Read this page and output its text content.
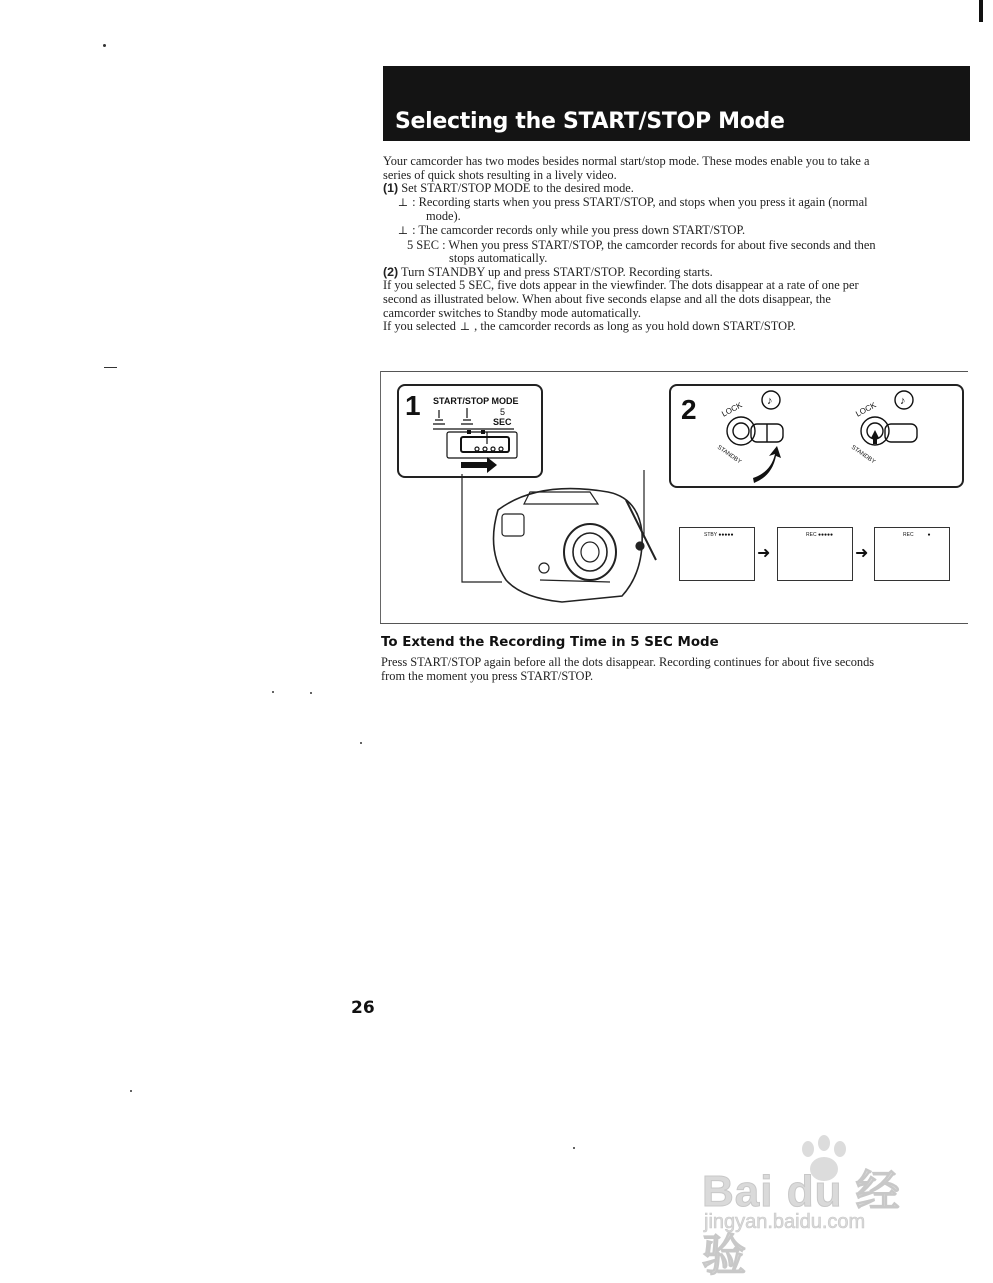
Selecting the START/STOP Mode

Your camcorder has two modes besides normal start/stop mode. These modes enable you to take a

series of quick shots resulting in a lively video.

(1) Set START/STOP MODE to the desired mode.

⊥ : Recording starts when you press START/STOP, and stops when you press it again (normal

mode).

⊥ : The camcorder records only while you press down START/STOP.

5 SEC : When you press START/STOP, the camcorder records for about five seconds and then

stops automatically.

(2) Turn STANDBY up and press START/STOP. Recording starts.

If you selected 5 SEC, five dots appear in the viewfinder. The dots disappear at a rate of one per

second as illustrated below. When about five seconds elapse and all the dots disappear, the

camcorder switches to Standby mode automatically.

If you selected ⊥ , the camcorder records as long as you hold down START/STOP.

1 START/STOP MODE
5
SEC	2	♪	♪
LOCK
STANDBY
LOCK
STANDBY
STBY ●●●●●
➜
REC ●●●●●
➜
REC          ●
To Extend the Recording Time in 5 SEC Mode

Press START/STOP again before all the dots disappear. Recording continues for about five seconds

from the moment you press START/STOP.

26
Bai du 经验
jingyan.baidu.com
